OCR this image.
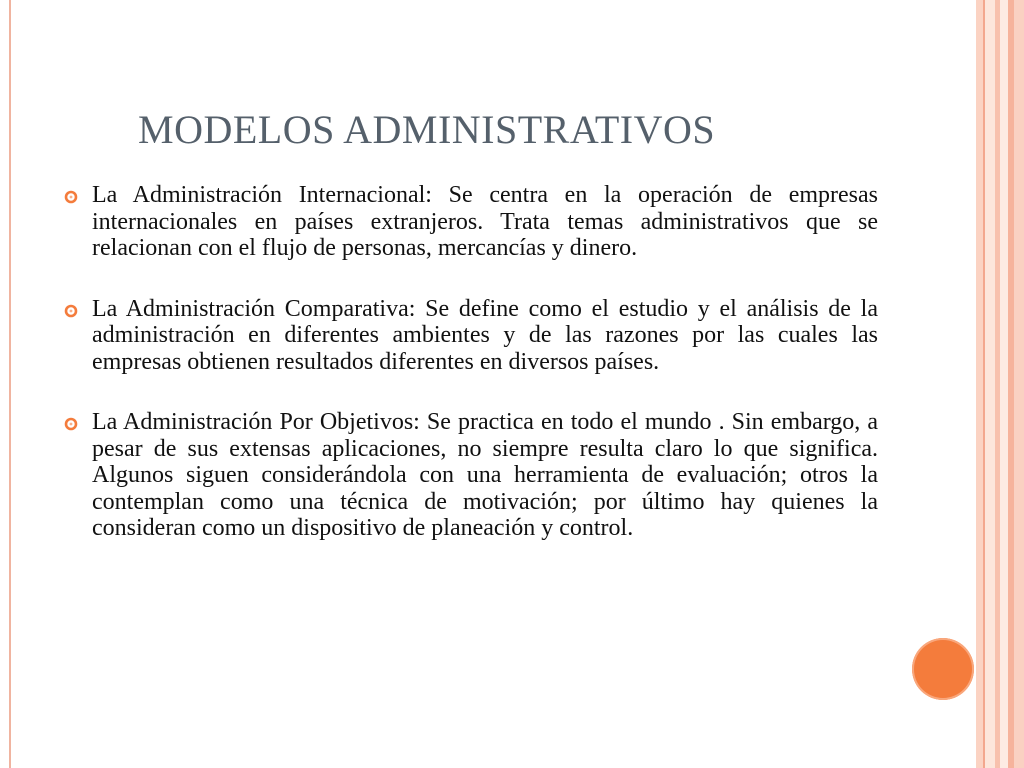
MODELOS ADMINISTRATIVOS
La Administración Internacional: Se centra en la operación de empresas internacionales en países extranjeros. Trata temas administrativos que se relacionan con el flujo de personas, mercancías y dinero.
La Administración Comparativa: Se define como el estudio y el análisis de la administración en diferentes ambientes y de las razones por las cuales las empresas obtienen resultados diferentes en diversos países.
La Administración Por Objetivos: Se practica en todo el mundo . Sin embargo, a pesar de sus extensas aplicaciones, no siempre resulta claro lo que significa. Algunos siguen considerándola con una herramienta de evaluación; otros la contemplan como una técnica de motivación; por último hay quienes la consideran como un dispositivo de planeación y control.
